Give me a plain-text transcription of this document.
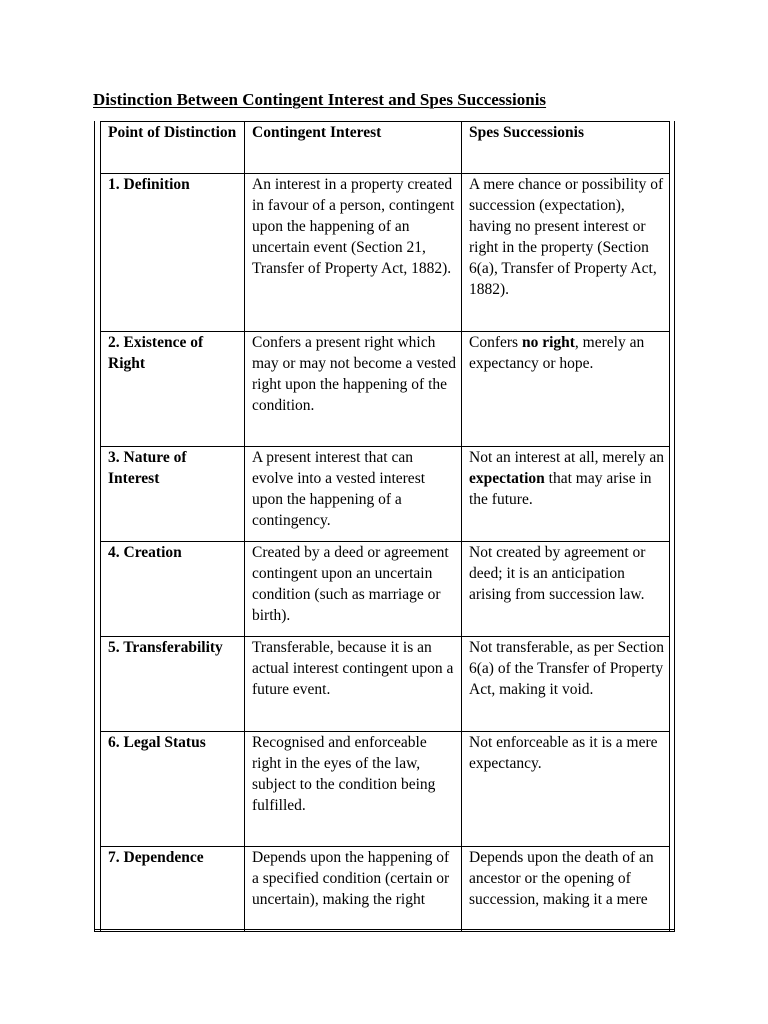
Distinction Between Contingent Interest and Spes Successionis
Point of Distinction	Contingent Interest	Spes Successionis
1. Definition	An interest in a property created in favour of a person, contingent upon the happening of an uncertain event (Section 21, Transfer of Property Act, 1882).	A mere chance or possibility of succession (expectation), having no present interest or right in the property (Section 6(a), Transfer of Property Act, 1882).
2. Existence of Right	Confers a present right which may or may not become a vested right upon the happening of the condition.	Confers no right, merely an expectancy or hope.
3. Nature of Interest	A present interest that can evolve into a vested interest upon the happening of a contingency.	Not an interest at all, merely an expectation that may arise in the future.
4. Creation	Created by a deed or agreement contingent upon an uncertain condition (such as marriage or birth).	Not created by agreement or deed; it is an anticipation arising from succession law.
5. Transferability	Transferable, because it is an actual interest contingent upon a future event.	Not transferable, as per Section 6(a) of the Transfer of Property Act, making it void.
6. Legal Status	Recognised and enforceable right in the eyes of the law, subject to the condition being fulfilled.	Not enforceable as it is a mere expectancy.
7. Dependence	Depends upon the happening of a specified condition (certain or uncertain), making the right	Depends upon the death of an ancestor or the opening of succession, making it a mere
